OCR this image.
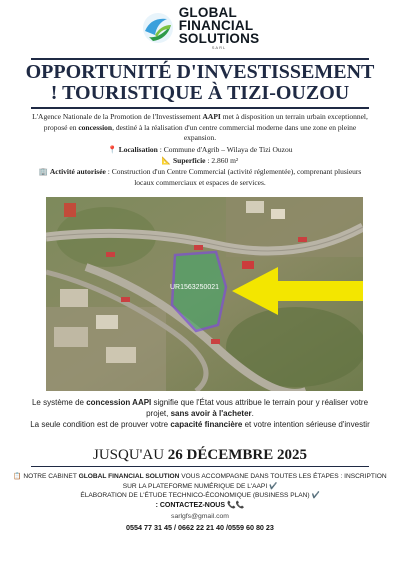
GLOBAL
FINANCIAL
SOLUTIONS
SARL
OPPORTUNITÉ D'INVESTISSEMENT ! TOURISTIQUE À TIZI-OUZOU

L'Agence Nationale de la Promotion de l'Investissement AAPI met à disposition un terrain urbain exceptionnel, proposé en concession, destiné à la réalisation d'un centre commercial moderne dans une zone en pleine expansion.

📍 Localisation : Commune d'Agrib – Wilaya de Tizi Ouzou

📐 Superficie : 2.860 m²

🏢 Activité autorisée : Construction d'un Centre Commercial (activité réglementée), comprenant plusieurs locaux commerciaux et espaces de services.

UR1563250021

Le système de concession AAPI signifie que l'État vous attribue le terrain pour y réaliser votre projet, sans avoir à l'acheter.
La seule condition est de prouver votre capacité financière et votre intention sérieuse d'investir

JUSQU'AU 26 DÉCEMBRE 2025

📋 NOTRE CABINET GLOBAL FINANCIAL SOLUTION VOUS ACCOMPAGNE DANS TOUTES LES ÉTAPES : INSCRIPTION SUR LA PLATEFORME NUMÉRIQUE DE L'AAPI ✔️
ÉLABORATION DE L'ÉTUDE TECHNICO-ÉCONOMIQUE (BUSINESS PLAN) ✔️

: CONTACTEZ-NOUS 📞📞

sarlgfs@gmail.com

0554 77 31 45 / 0662 22 21 40 /0559 60 80 23
